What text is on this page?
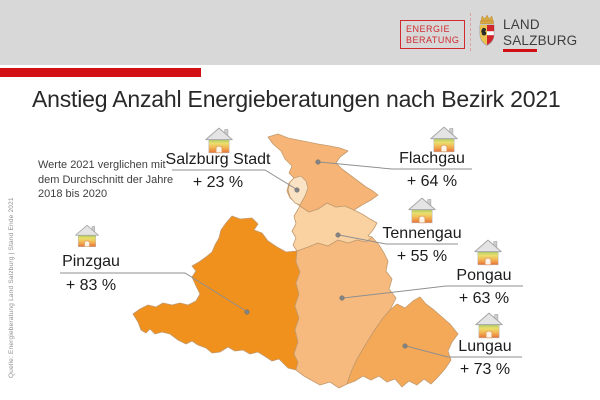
ENERGIE
BERATUNG
LAND
SALZBURG
Anstieg Anzahl Energieberatungen nach Bezirk 2021
Werte 2021 verglichen mit
dem Durchschnitt der Jahre
2018 bis 2020
Quelle: Energieberatung Land Salzburg | Stand Ende 2021
Salzburg Stadt
+ 23 %
Flachgau
+ 64 %
Tennengau
+ 55 %
Pongau
+ 63 %
Lungau
+ 73 %
Pinzgau
+ 83 %
